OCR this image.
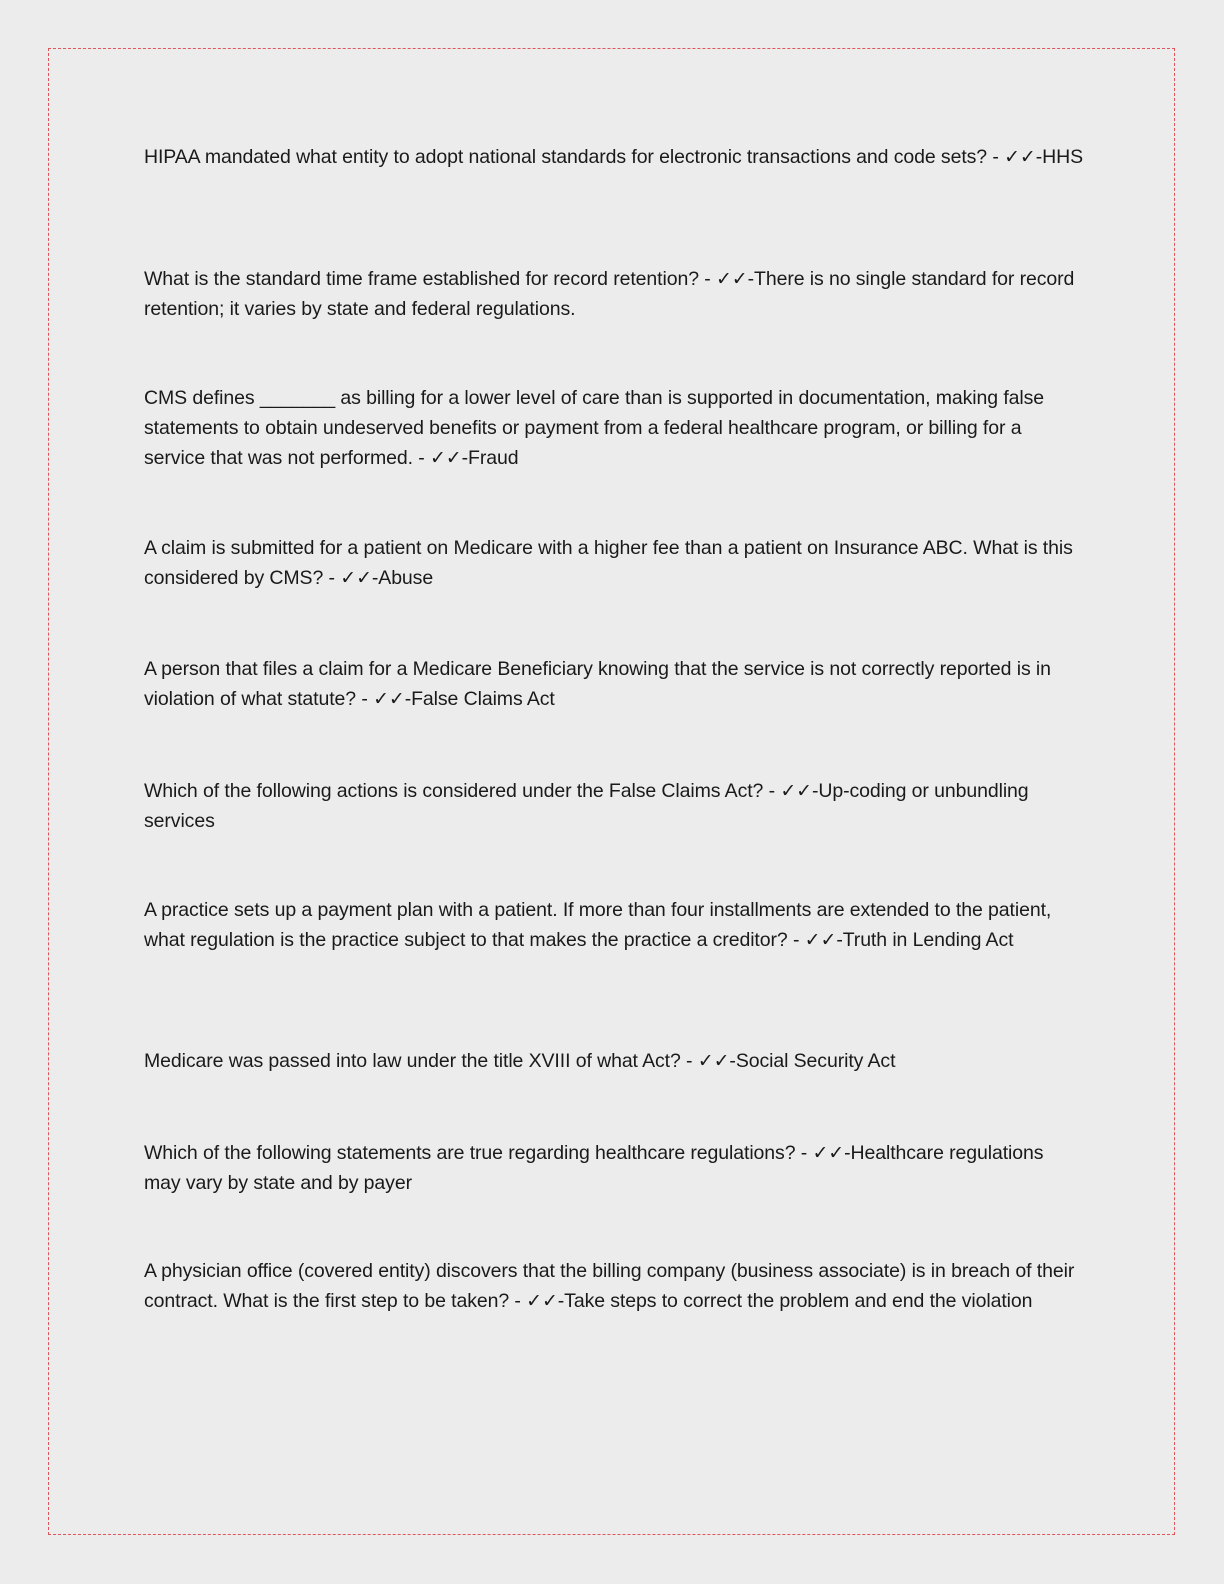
HIPAA mandated what entity to adopt national standards for electronic transactions and code sets? - ✓✓-HHS
What is the standard time frame established for record retention? - ✓✓-There is no single standard for record retention; it varies by state and federal regulations.
CMS defines _______ as billing for a lower level of care than is supported in documentation, making false statements to obtain undeserved benefits or payment from a federal healthcare program, or billing for a service that was not performed. - ✓✓-Fraud
A claim is submitted for a patient on Medicare with a higher fee than a patient on Insurance ABC. What is this considered by CMS? - ✓✓-Abuse
A person that files a claim for a Medicare Beneficiary knowing that the service is not correctly reported is in violation of what statute? - ✓✓-False Claims Act
Which of the following actions is considered under the False Claims Act? - ✓✓-Up-coding or unbundling services
A practice sets up a payment plan with a patient. If more than four installments are extended to the patient, what regulation is the practice subject to that makes the practice a creditor? - ✓✓-Truth in Lending Act
Medicare was passed into law under the title XVIII of what Act? - ✓✓-Social Security Act
Which of the following statements are true regarding healthcare regulations? - ✓✓-Healthcare regulations may vary by state and by payer
A physician office (covered entity) discovers that the billing company (business associate) is in breach of their contract. What is the first step to be taken? - ✓✓-Take steps to correct the problem and end the violation
